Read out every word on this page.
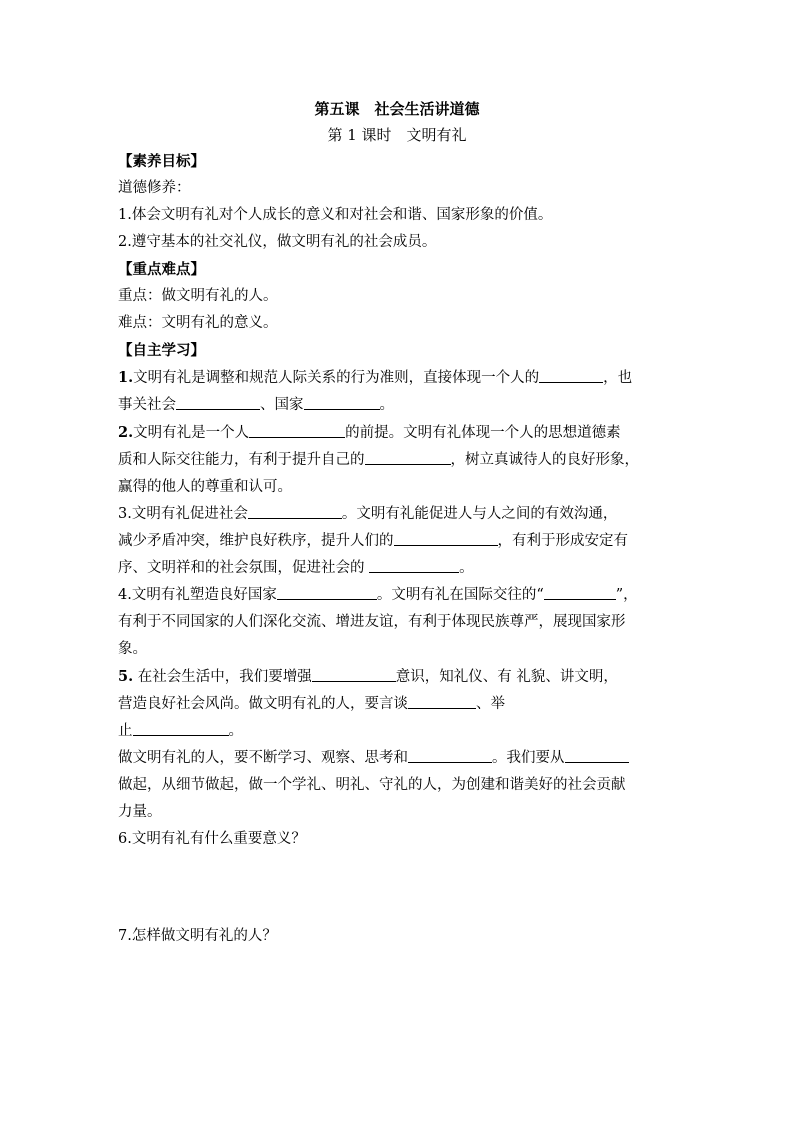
第五课　社会生活讲道德
第 1 课时　文明有礼

【素养目标】

道德修养：

1.体会文明有礼对个人成长的意义和对社会和谐、国家形象的价值。

2.遵守基本的社交礼仪，做文明有礼的社会成员。

【重点难点】

重点：做文明有礼的人。

难点：文明有礼的意义。

【自主学习】

1.文明有礼是调整和规范人际关系的行为准则，直接体现一个人的	，也

事关社会	、国家	。

2.文明有礼是一个人	的前提。文明有礼体现一个人的思想道德素

质和人际交往能力，有利于提升自己的	，树立真诚待人的良好形象，

赢得的他人的尊重和认可。

3.文明有礼促进社会	。文明有礼能促进人与人之间的有效沟通，

减少矛盾冲突，维护良好秩序，提升人们的	，有利于形成安定有

序、文明祥和的社会氛围，促进社会的	。

4.文明有礼塑造良好国家	。文明有礼在国际交往的“	”，

有利于不同国家的人们深化交流、增进友谊，有利于体现民族尊严，展现国家形

象。

5. 在社会生活中，我们要增强	意识，知礼仪、有 礼貌、讲文明，

营造良好社会风尚。做文明有礼的人，要言谈	、举

止	。

做文明有礼的人，要不断学习、观察、思考和	。我们要从

做起，从细节做起，做一个学礼、明礼、守礼的人，为创建和谐美好的社会贡献

力量。

6.文明有礼有什么重要意义？

7.怎样做文明有礼的人？
